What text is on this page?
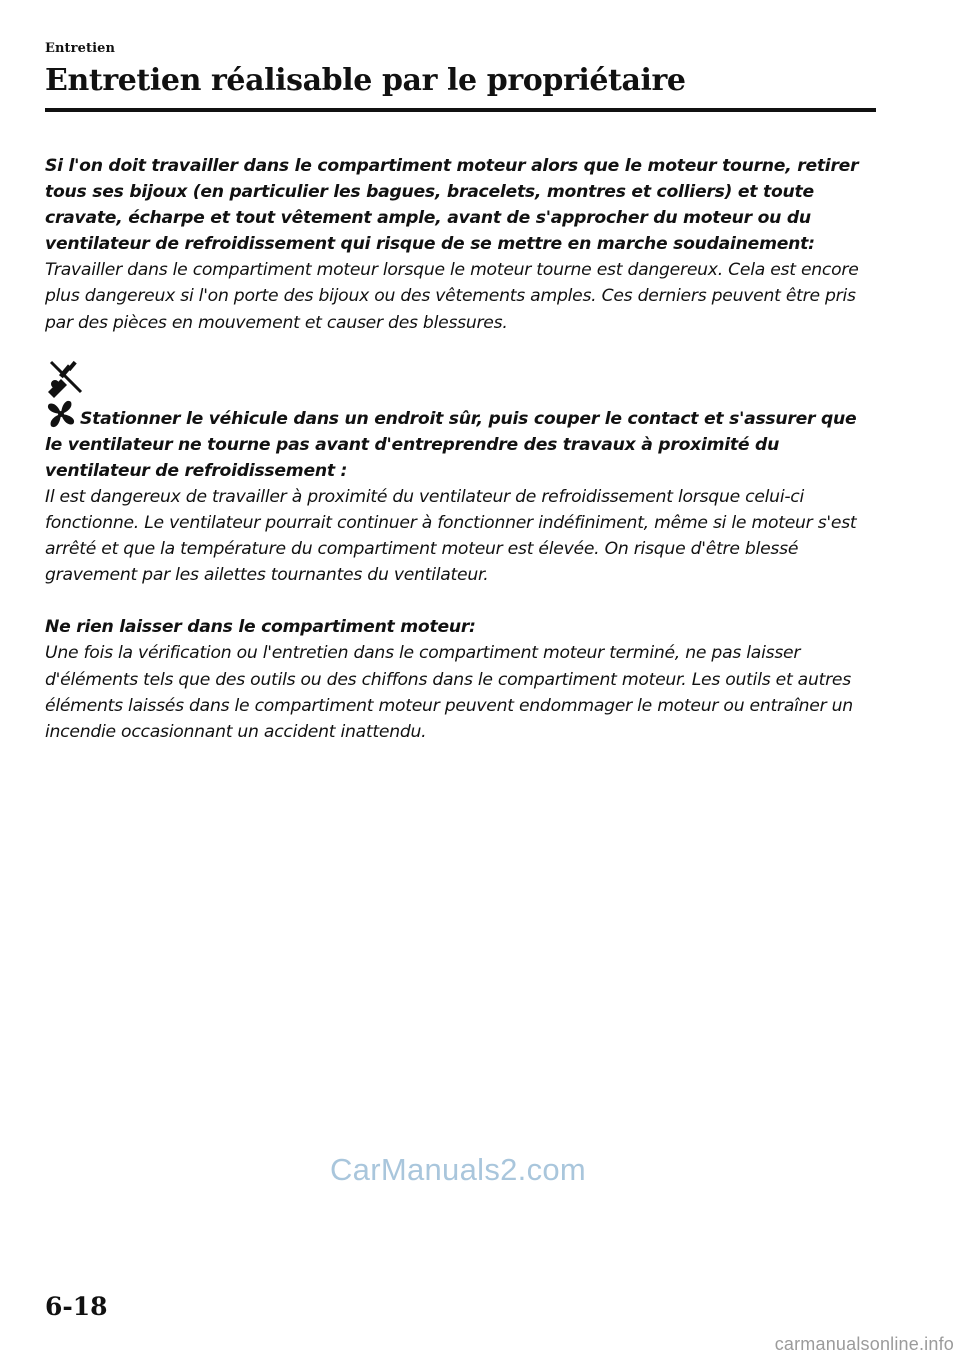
Entretien
Entretien réalisable par le propriétaire

Si l'on doit travailler dans le compartiment moteur alors que le moteur tourne, retirer tous ses bijoux (en particulier les bagues, bracelets, montres et colliers) et toute cravate, écharpe et tout vêtement ample, avant de s'approcher du moteur ou du ventilateur de refroidissement qui risque de se mettre en marche soudainement:

Travailler dans le compartiment moteur lorsque le moteur tourne est dangereux. Cela est encore plus dangereux si l'on porte des bijoux ou des vêtements amples. Ces derniers peuvent être pris par des pièces en mouvement et causer des blessures.

Stationner le véhicule dans un endroit sûr, puis couper le contact et s'assurer que le ventilateur ne tourne pas avant d'entreprendre des travaux à proximité du ventilateur de refroidissement :

Il est dangereux de travailler à proximité du ventilateur de refroidissement lorsque celui-ci fonctionne. Le ventilateur pourrait continuer à fonctionner indéfiniment, même si le moteur s'est arrêté et que la température du compartiment moteur est élevée. On risque d'être blessé gravement par les ailettes tournantes du ventilateur.

Ne rien laisser dans le compartiment moteur:

Une fois la vérification ou l'entretien dans le compartiment moteur terminé, ne pas laisser d'éléments tels que des outils ou des chiffons dans le compartiment moteur. Les outils et autres éléments laissés dans le compartiment moteur peuvent endommager le moteur ou entraîner un incendie occasionnant un accident inattendu.

CarManuals2.com
6-18
carmanualsonline.info
